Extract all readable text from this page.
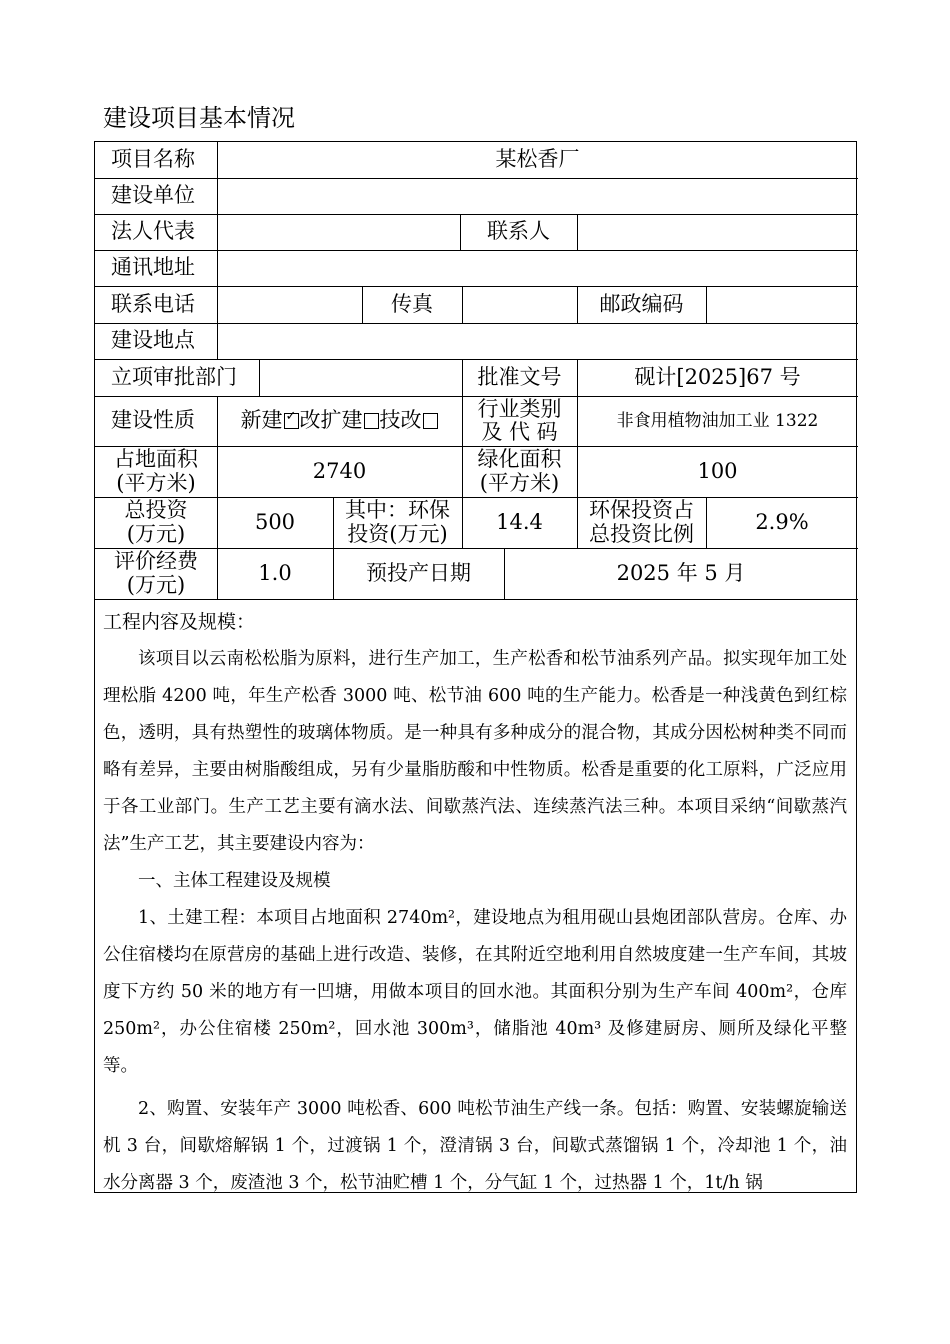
建设项目基本情况
项目名称	某松香厂
建设单位
法人代表	联系人
通讯地址
联系电话	传真	邮政编码
建设地点
立项审批部门	批准文号	砚计[2025]67 号
建设性质	新建
✓ 改扩建 技改	行业类别
及 代 码	非食用植物油加工业 1322
占地面积
(平方米)	2740	绿化面积
(平方米)	100
总投资
(万元)	500	其中：环保
投资(万元)	14.4	环保投资占
总投资比例	2.9%
评价经费
(万元)	1.0	预投产日期	2025 年 5 月

工程内容及规模：

该项目以云南松松脂为原料，进行生产加工，生产松香和松节油系列产品。拟实现年加工处理松脂 4200 吨，年生产松香 3000 吨、松节油 600 吨的生产能力。松香是一种浅黄色到红棕色，透明，具有热塑性的玻璃体物质。是一种具有多种成分的混合物，其成分因松树种类不同而略有差异，主要由树脂酸组成，另有少量脂肪酸和中性物质。松香是重要的化工原料，广泛应用于各工业部门。生产工艺主要有滴水法、间歇蒸汽法、连续蒸汽法三种。本项目采纳“间歇蒸汽法”生产工艺，其主要建设内容为：

一、主体工程建设及规模

1、土建工程：本项目占地面积 2740m²，建设地点为租用砚山县炮团部队营房。仓库、办公住宿楼均在原营房的基础上进行改造、装修，在其附近空地利用自然坡度建一生产车间，其坡度下方约 50 米的地方有一凹塘，用做本项目的回水池。其面积分别为生产车间 400m²，仓库 250m²，办公住宿楼 250m²，回水池 300m³，储脂池 40m³ 及修建厨房、厕所及绿化平整等。

2、购置、安装年产 3000 吨松香、600 吨松节油生产线一条。包括：购置、安装螺旋输送机 3 台，间歇熔解锅 1 个，过渡锅 1 个，澄清锅 3 台，间歇式蒸馏锅 1 个，冷却池 1 个，油水分离器 3 个，废渣池 3 个，松节油贮槽 1 个，分气缸 1 个，过热器 1 个，1t/h 锅
